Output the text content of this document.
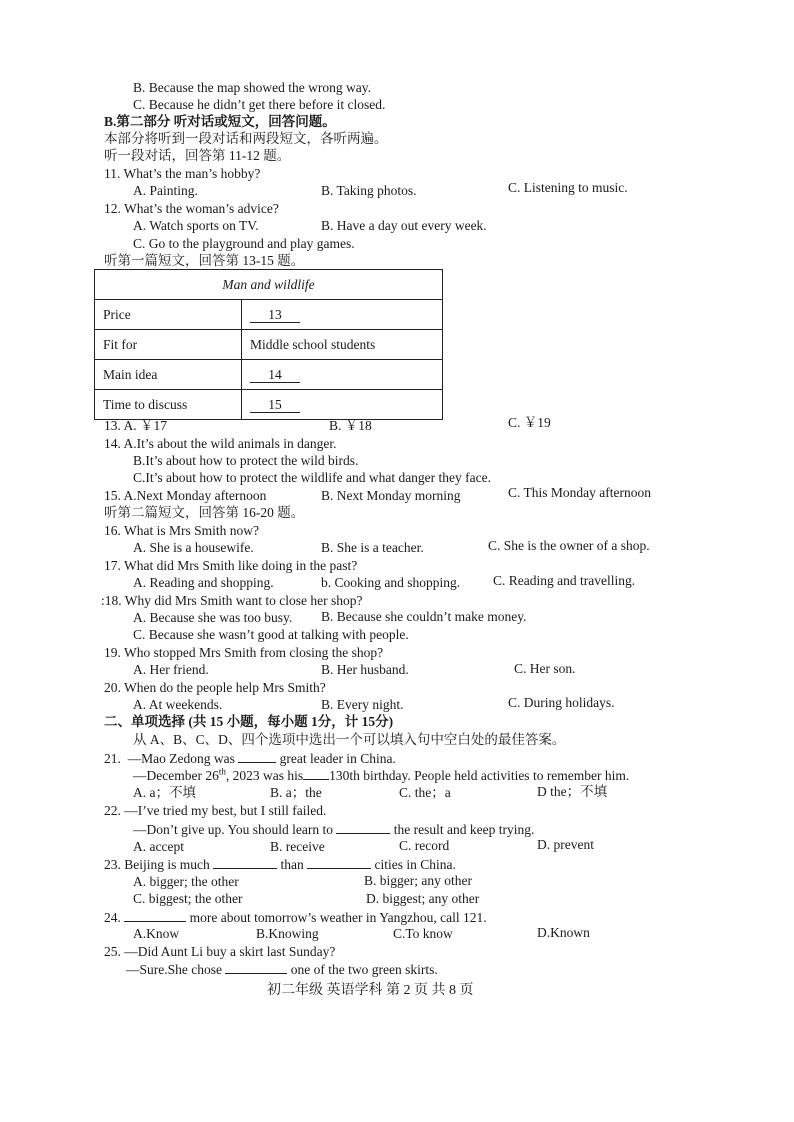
B. Because the map showed the wrong way.
C. Because he didn’t get there before it closed.
B.第二部分 听对话或短文，回答问题。
本部分将听到一段对话和两段短文，各听两遍。
听一段对话，回答第 11-12 题。
11. What’s the man’s hobby?
A. Painting.	B. Taking photos.	C. Listening to music.
12. What’s the woman’s advice?
A. Watch sports on TV.	B. Have a day out every week.
C. Go to the playground and play games.
听第一篇短文，回答第 13-15 题。
Man and wildlife	
Price	13
Fit for	Middle school students
Main idea	14
Time to discuss	15
13. A. ￥17	B. ￥18	C. ￥19
14. A.It’s about the wild animals in danger.
B.It’s about how to protect the wild birds.
C.It’s about how to protect the wildlife and what danger they face.
15. A.Next Monday afternoon	B. Next Monday morning	C. This Monday afternoon
听第二篇短文，回答第 16-20 题。
16. What is Mrs Smith now?
A. She is a housewife.	B. She is a teacher.	C. She is the owner of a shop.
17. What did Mrs Smith like doing in the past?
A. Reading and shopping.	b. Cooking and shopping. C. Reading and travelling.
:18. Why did Mrs Smith want to close her shop?
A. Because she was too busy. B. Because she couldn’t make money.
C. Because she wasn’t good at talking with people.
19. Who stopped Mrs Smith from closing the shop?
A. Her friend.	B. Her husband.	C. Her son.
20. When do the people help Mrs Smith?
A. At weekends.	B. Every night.	C. During holidays.
二、单项选择 (共 15 小题，每小题 1分，计 15分)
从 A、B、C、D、四个选项中选出一个可以填入句中空白处的最佳答案。
21. —Mao Zedong was	great leader in China.
—December 26th, 2023 was his 130th birthday. People held activities to remember him.
A. a；不填	B. a；the	C. the；a	D the；不填
22. —I’ve tried my best, but I still failed.
—Don’t give up. You should learn to	the result and keep trying.
A. accept	B. receive	C. record	D. prevent
23. Beijing is much	than	cities in China.
A. bigger; the other	B. bigger; any other
C. biggest; the other	D. biggest; any other
24.	more about tomorrow’s weather in Yangzhou, call 121.
A.Know	B.Knowing	C.To know	D.Known
25. —Did Aunt Li buy a skirt last Sunday?
—Sure.She chose	one of the two green skirts.
初二年级 英语学科 第 2 页 共 8 页
